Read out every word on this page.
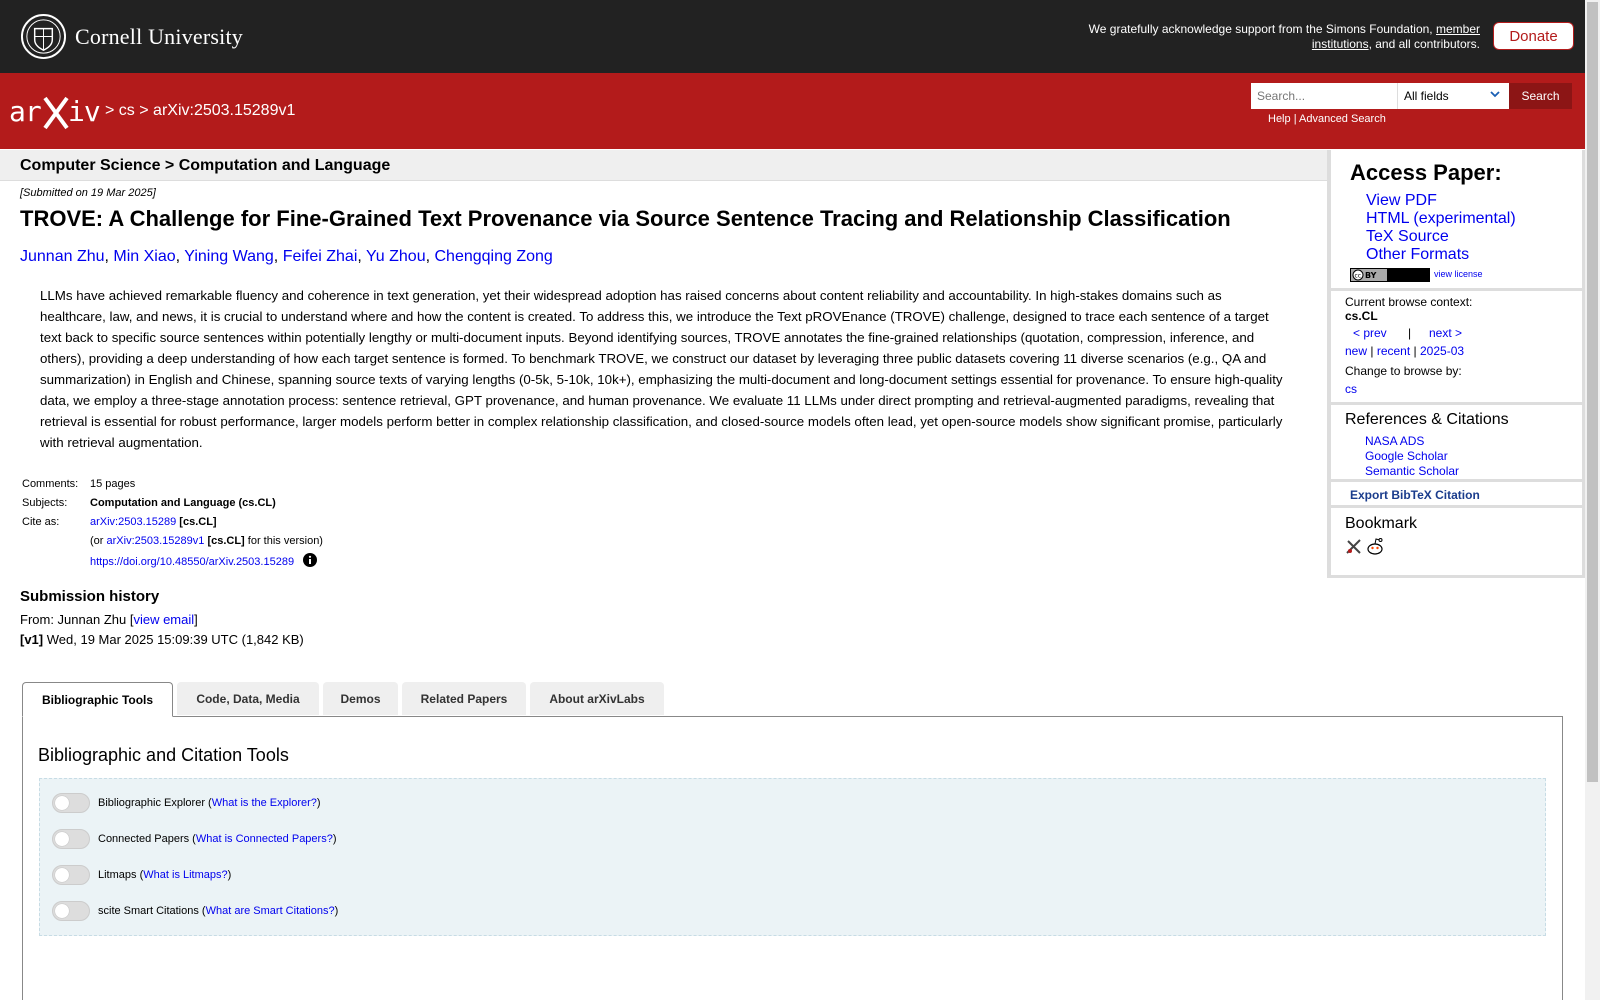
Cornell University	We gratefully acknowledge support from the Simons Foundation, member institutions, and all contributors.	Donate
ar iv > cs > arXiv:2503.15289v1
Search...
All fields	Search
Help | Advanced Search
Computer Science > Computation and Language
[Submitted on 19 Mar 2025]
TROVE: A Challenge for Fine-Grained Text Provenance via Source Sentence Tracing and Relationship Classification
Junnan Zhu, Min Xiao, Yining Wang, Feifei Zhai, Yu Zhou, Chengqing Zong

LLMs have achieved remarkable fluency and coherence in text generation, yet their widespread adoption has raised concerns about content reliability and accountability. In high-stakes domains such as healthcare, law, and news, it is crucial to understand where and how the content is created. To address this, we introduce the Text pROVEnance (TROVE) challenge, designed to trace each sentence of a target text back to specific source sentences within potentially lengthy or multi-document inputs. Beyond identifying sources, TROVE annotates the fine-grained relationships (quotation, compression, inference, and others), providing a deep understanding of how each target sentence is formed. To benchmark TROVE, we construct our dataset by leveraging three public datasets covering 11 diverse scenarios (e.g., QA and summarization) in English and Chinese, spanning source texts of varying lengths (0-5k, 5-10k, 10k+), emphasizing the multi-document and long-document settings essential for provenance. To ensure high-quality data, we employ a three-stage annotation process: sentence retrieval, GPT provenance, and human provenance. We evaluate 11 LLMs under direct prompting and retrieval-augmented paradigms, revealing that retrieval is essential for robust performance, larger models perform better in complex relationship classification, and closed-source models often lead, yet open-source models show significant promise, particularly with retrieval augmentation.

Comments:	15 pages
Subjects:	Computation and Language (cs.CL)
Cite as:	arXiv:2503.15289 [cs.CL]
	(or arXiv:2503.15289v1 [cs.CL] for this version)
	https://doi.org/10.48550/arXiv.2503.15289
Submission history
From: Junnan Zhu [view email]
[v1] Wed, 19 Mar 2025 15:09:39 UTC (1,842 KB)
Bibliographic Tools	Code, Data, Media	Demos	Related Papers	About arXivLabs
Bibliographic and Citation Tools
Bibliographic Explorer ( What is the Explorer? )
Connected Papers ( What is Connected Papers? )
Litmaps ( What is Litmaps? )
scite Smart Citations ( What are Smart Citations? )
Access Paper:
View PDF
HTML (experimental)
TeX Source
Other Formats
cc BY	view license
Current browse context:
cs.CL
< prev | next >
new | recent | 2025-03
Change to browse by:
cs
References & Citations
NASA ADS
Google Scholar
Semantic Scholar
Export BibTeX Citation
Bookmark
